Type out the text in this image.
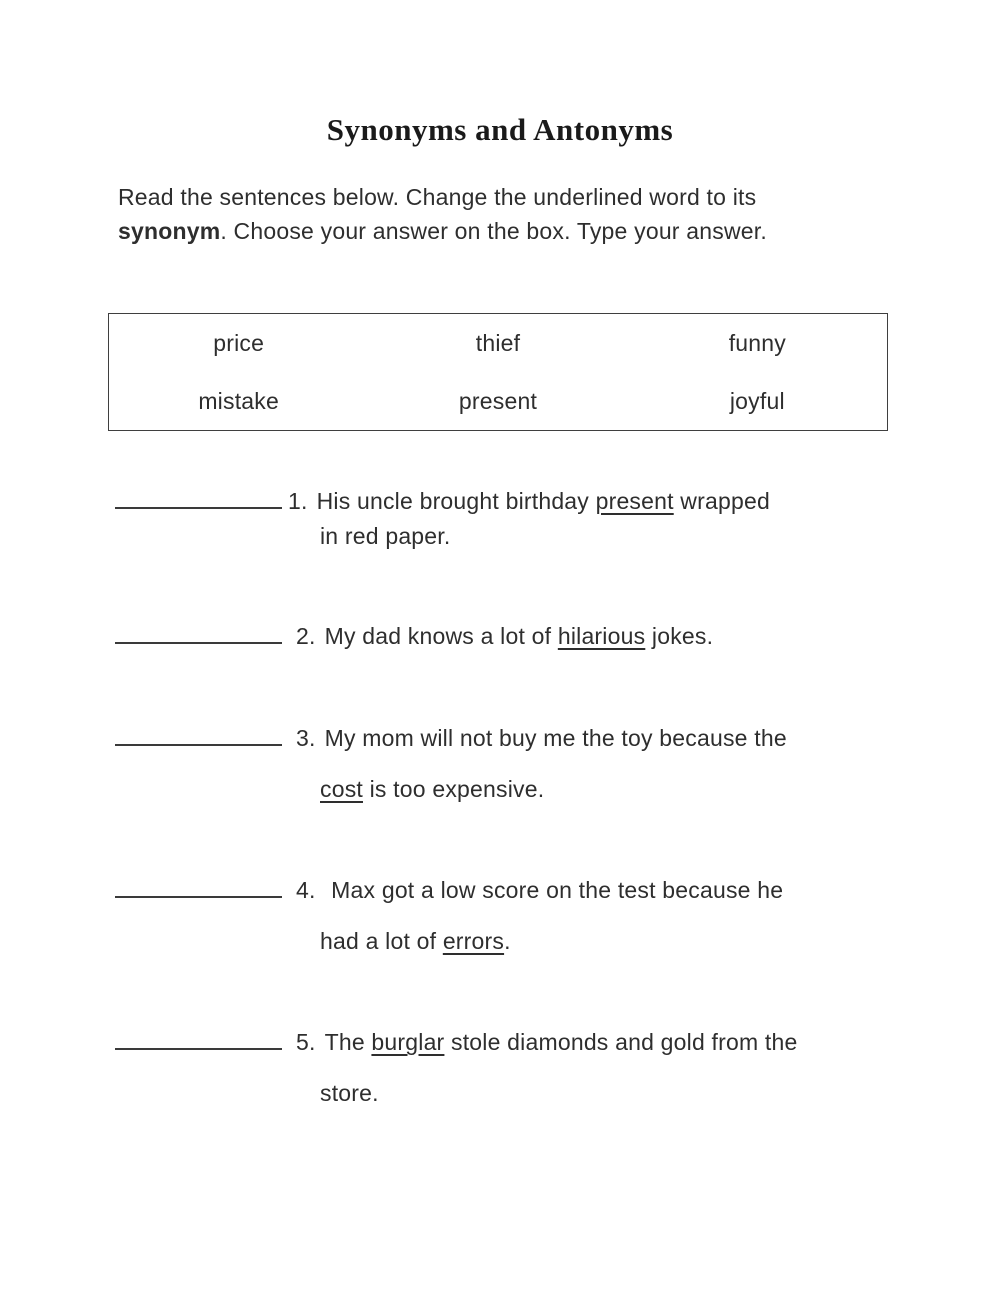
Synonyms and Antonyms
Read the sentences below. Change the underlined word to its
synonym. Choose your answer on the box. Type your answer.
price	thief	funny
mistake	present	joyful
1. His uncle brought birthday present wrapped
in red paper.
2. My dad knows a lot of hilarious jokes.
3. My mom will not buy me the toy because the
cost is too expensive.
4. Max got a low score on the test because he
had a lot of errors.
5. The burglar stole diamonds and gold from the
store.
